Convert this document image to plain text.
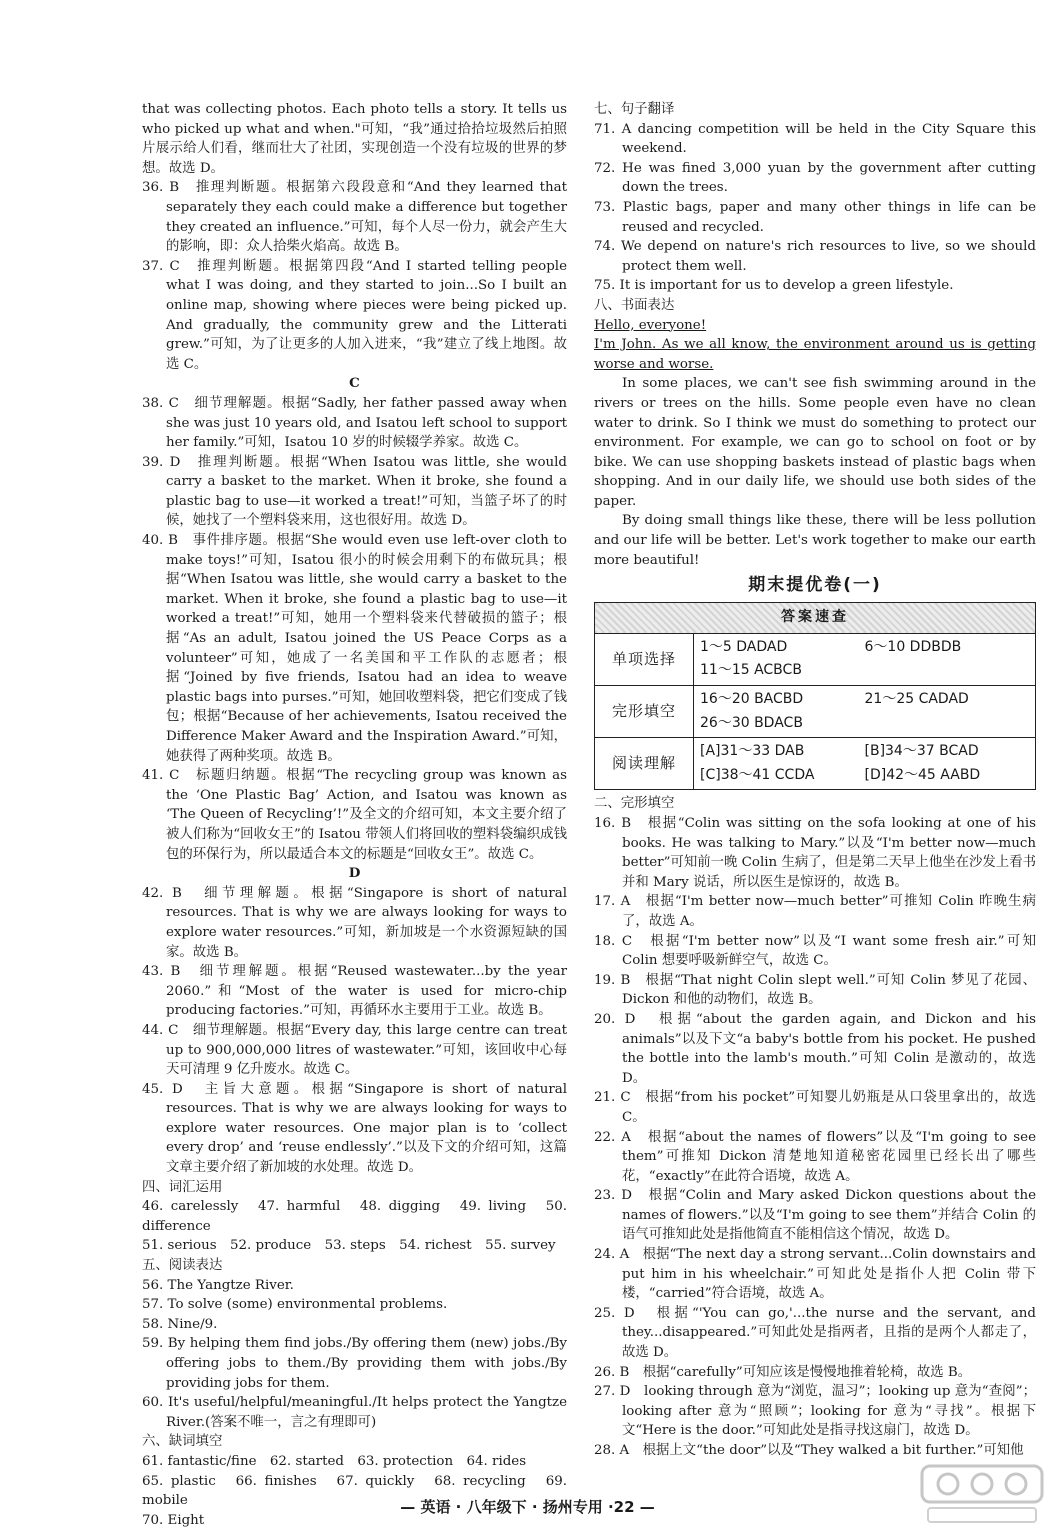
that was collecting photos. Each photo tells a story. It tells us who picked up what and when."可知，“我”通过拾拾垃圾然后拍照片展示给人们看，继而壮大了社团，实现创造一个没有垃圾的世界的梦想。故选 D。

36. B　推理判断题。根据第六段段意和“And they learned that separately they each could make a difference but together they created an influence.”可知，每个人尽一份力，就会产生大的影响，即：众人拾柴火焰高。故选 B。

37. C　推理判断题。根据第四段“And I started telling people what I was doing, and they started to join...So I built an online map, showing where pieces were being picked up. And gradually, the community grew and the Litterati grew.”可知，为了让更多的人加入进来，“我”建立了线上地图。故选 C。

C

38. C　细节理解题。根据“Sadly, her father passed away when she was just 10 years old, and Isatou left school to support her family.”可知，Isatou 10 岁的时候辍学养家。故选 C。

39. D　推理判断题。根据“When Isatou was little, she would carry a basket to the market. When it broke, she found a plastic bag to use—it worked a treat!”可知，当篮子坏了的时候，她找了一个塑料袋来用，这也很好用。故选 D。

40. B　事件排序题。根据“She would even use left-over cloth to make toys!”可知，Isatou 很小的时候会用剩下的布做玩具；根据“When Isatou was little, she would carry a basket to the market. When it broke, she found a plastic bag to use—it worked a treat!”可知，她用一个塑料袋来代替破损的篮子；根据“As an adult, Isatou joined the US Peace Corps as a volunteer”可知，她成了一名美国和平工作队的志愿者；根据“Joined by five friends, Isatou had an idea to weave plastic bags into purses.”可知，她回收塑料袋，把它们变成了钱包；根据“Because of her achievements, Isatou received the Difference Maker Award and the Inspiration Award.”可知，她获得了两种奖项。故选 B。

41. C　标题归纳题。根据“The recycling group was known as the ‘One Plastic Bag’ Action, and Isatou was known as ‘The Queen of Recycling’!”及全文的介绍可知，本文主要介绍了被人们称为“回收女王”的 Isatou 带领人们将回收的塑料袋编织成钱包的环保行为，所以最适合本文的标题是“回收女王”。故选 C。

D

42. B　细节理解题。根据“Singapore is short of natural resources. That is why we are always looking for ways to explore water resources.”可知，新加坡是一个水资源短缺的国家。故选 B。

43. B　细节理解题。根据“Reused wastewater...by the year 2060.”和“Most of the water is used for micro-chip producing factories.”可知，再循环水主要用于工业。故选 B。

44. C　细节理解题。根据“Every day, this large centre can treat up to 900,000,000 litres of wastewater.”可知，该回收中心每天可清理 9 亿升废水。故选 C。

45. D　主旨大意题。根据“Singapore is short of natural resources. That is why we are always looking for ways to explore water resources. One major plan is to ‘collect every drop’ and ‘reuse endlessly’.”以及下文的介绍可知，这篇文章主要介绍了新加坡的水处理。故选 D。

四、词汇运用

46. carelessly　47. harmful　48. digging　49. living　50. difference

51. serious　52. produce　53. steps　54. richest　55. survey

五、阅读表达

56. The Yangtze River.

57. To solve (some) environmental problems.

58. Nine/9.

59. By helping them find jobs./By offering them (new) jobs./By offering jobs to them./By providing them with jobs./By providing jobs for them.

60. It's useful/helpful/meaningful./It helps protect the Yangtze River.(答案不唯一，言之有理即可)

六、缺词填空

61. fantastic/fine　62. started　63. protection　64. rides

65. plastic　66. finishes　67. quickly　68. recycling　69. mobile

70. Eight

七、句子翻译

71. A dancing competition will be held in the City Square this weekend.

72. He was fined 3,000 yuan by the government after cutting down the trees.

73. Plastic bags, paper and many other things in life can be reused and recycled.

74. We depend on nature's rich resources to live, so we should protect them well.

75. It is important for us to develop a green lifestyle.

八、书面表达

Hello, everyone!

I'm John. As we all know, the environment around us is getting worse and worse.

In some places, we can't see fish swimming around in the rivers or trees on the hills. Some people even have no clean water to drink. So I think we must do something to protect our environment. For example, we can go to school on foot or by bike. We can use shopping baskets instead of plastic bags when shopping. And in our daily life, we should use both sides of the paper.

By doing small things like these, there will be less pollution and our life will be better. Let's work together to make our earth more beautiful!

期末提优卷(一)
答案速查	
单项选择	1～5 DADAD 6～10 DDBDB
11～15 ACBCB

完形填空	16～20 BACBD 21～25 CADAD
26～30 BDACB

阅读理解	[A]31～33 DAB [B]34～37 BCAD
[C]38～41 CCDA [D]42～45 AABD

二、完形填空

16. B　根据“Colin was sitting on the sofa looking at one of his books. He was talking to Mary.”以及“I'm better now—much better”可知前一晚 Colin 生病了，但是第二天早上他坐在沙发上看书并和 Mary 说话，所以医生是惊讶的，故选 B。

17. A　根据“I'm better now—much better”可推知 Colin 昨晚生病了，故选 A。

18. C　根据“I'm better now”以及“I want some fresh air.”可知 Colin 想要呼吸新鲜空气，故选 C。

19. B　根据“That night Colin slept well.”可知 Colin 梦见了花园、Dickon 和他的动物们，故选 B。

20. D　根据“about the garden again, and Dickon and his animals”以及下文“a baby's bottle from his pocket. He pushed the bottle into the lamb's mouth.”可知 Colin 是激动的，故选 D。

21. C　根据“from his pocket”可知婴儿奶瓶是从口袋里拿出的，故选 C。

22. A　根据“about the names of flowers”以及“I'm going to see them”可推知 Dickon 清楚地知道秘密花园里已经长出了哪些花，“exactly”在此符合语境，故选 A。

23. D　根据“Colin and Mary asked Dickon questions about the names of flowers.”以及“I'm going to see them”并结合 Colin 的语气可推知此处是指他简直不能相信这个情况，故选 D。

24. A　根据“The next day a strong servant...Colin downstairs and put him in his wheelchair.”可知此处是指仆人把 Colin 带下楼，“carried”符合语境，故选 A。

25. D　根据“'You can go,'...the nurse and the servant, and they...disappeared.”可知此处是指两者，且指的是两个人都走了，故选 D。

26. B　根据“carefully”可知应该是慢慢地推着轮椅，故选 B。

27. D　looking through 意为“浏览，温习”；looking up 意为“查阅”；looking after 意为“照顾”；looking for 意为“寻找”。根据下文“Here is the door.”可知此处是指寻找这扇门，故选 D。

28. A　根据上文“the door”以及“They walked a bit further.”可知他

— 英语 · 八年级下 · 扬州专用 ·22 —
